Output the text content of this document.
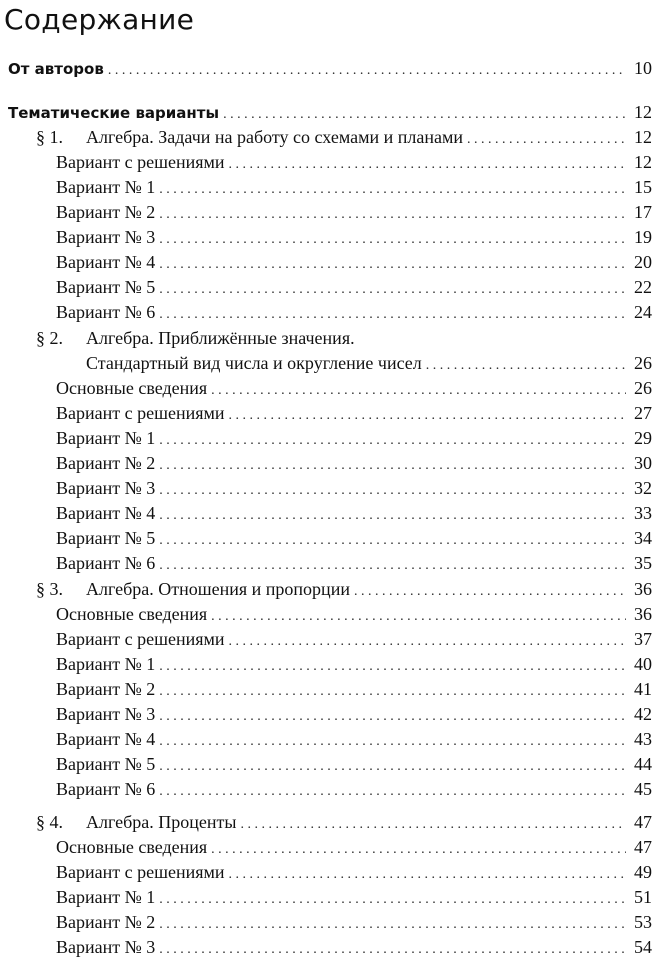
Содержание
От авторов . . .	10
Тематические варианты . . .	12
§ 1. Алгебра. Задачи на работу со схемами и планами . . .	12
Вариант с решениями . . .	12
Вариант № 1 . . .	15
Вариант № 2 . . .	17
Вариант № 3 . . .	19
Вариант № 4 . . .	20
Вариант № 5 . . .	22
Вариант № 6 . . .	24
§ 2. Алгебра. Приближённые значения.
Стандартный вид числа и округление чисел . . .	26
Основные сведения . . .	26
Вариант с решениями . . .	27
Вариант № 1 . . .	29
Вариант № 2 . . .	30
Вариант № 3 . . .	32
Вариант № 4 . . .	33
Вариант № 5 . . .	34
Вариант № 6 . . .	35
§ 3. Алгебра. Отношения и пропорции . . .	36
Основные сведения . . .	36
Вариант с решениями . . .	37
Вариант № 1 . . .	40
Вариант № 2 . . .	41
Вариант № 3 . . .	42
Вариант № 4 . . .	43
Вариант № 5 . . .	44
Вариант № 6 . . .	45
§ 4. Алгебра. Проценты . . .	47
Основные сведения . . .	47
Вариант с решениями . . .	49
Вариант № 1 . . .	51
Вариант № 2 . . .	53
Вариант № 3 . . .	54
